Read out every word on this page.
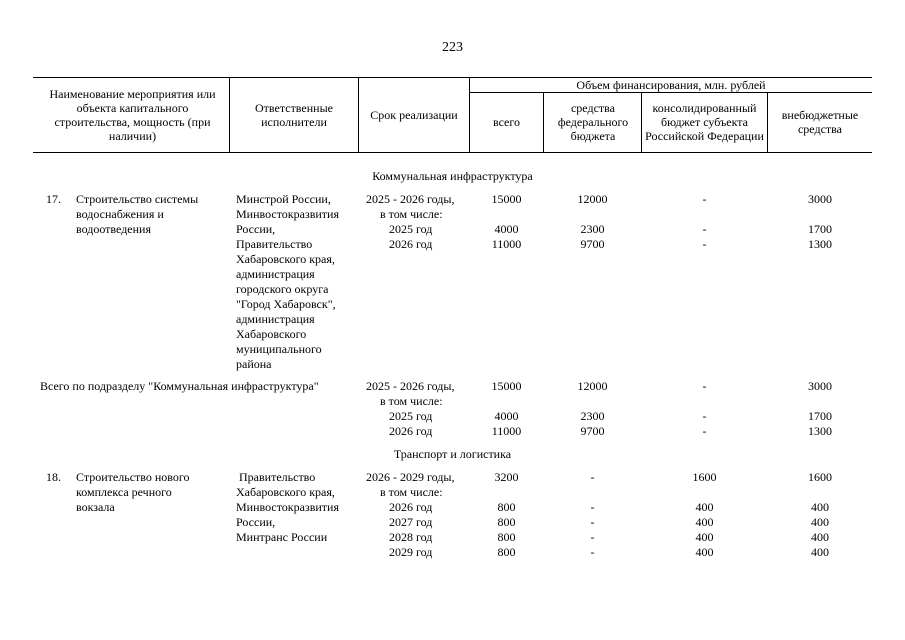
223
Наименование мероприятия или объекта капитального строительства, мощность (при наличии)
Ответственные исполнители	Срок реализации
Объем финансирования, млн. рублей
всего
средства федерального бюджета
консолидированный бюджет субъекта Российской Федерации
внебюджетные средства
Коммунальная инфраструктура
17. Строительство системы
водоснабжения и
водоотведения
Минстрой России,
Минвостокразвития
России,
Правительство
Хабаровского края,
администрация
городского округа
"Город Хабаровск",
администрация
Хабаровского
муниципального
района
2025 - 2026 годы,
в том числе:
2025 год
2026 год
15000
4000
11000
12000
2300
9700
-
-
-
3000
1700
1300
Всего по подразделу "Коммунальная инфраструктура"	2025 - 2026 годы,
в том числе:
2025 год
2026 год
15000
4000
11000
12000
2300
9700
-
-
-
3000
1700
1300
Транспорт и логистика
18. Строительство нового
комплекса речного
вокзала
Правительство
Хабаровского края,
Минвостокразвития
России,
Минтранс России
2026 - 2029 годы,
в том числе:
2026 год
2027 год
2028 год
2029 год
3200
800
800
800
800
-
-
-
-
-
1600
400
400
400
400
1600
400
400
400
400
